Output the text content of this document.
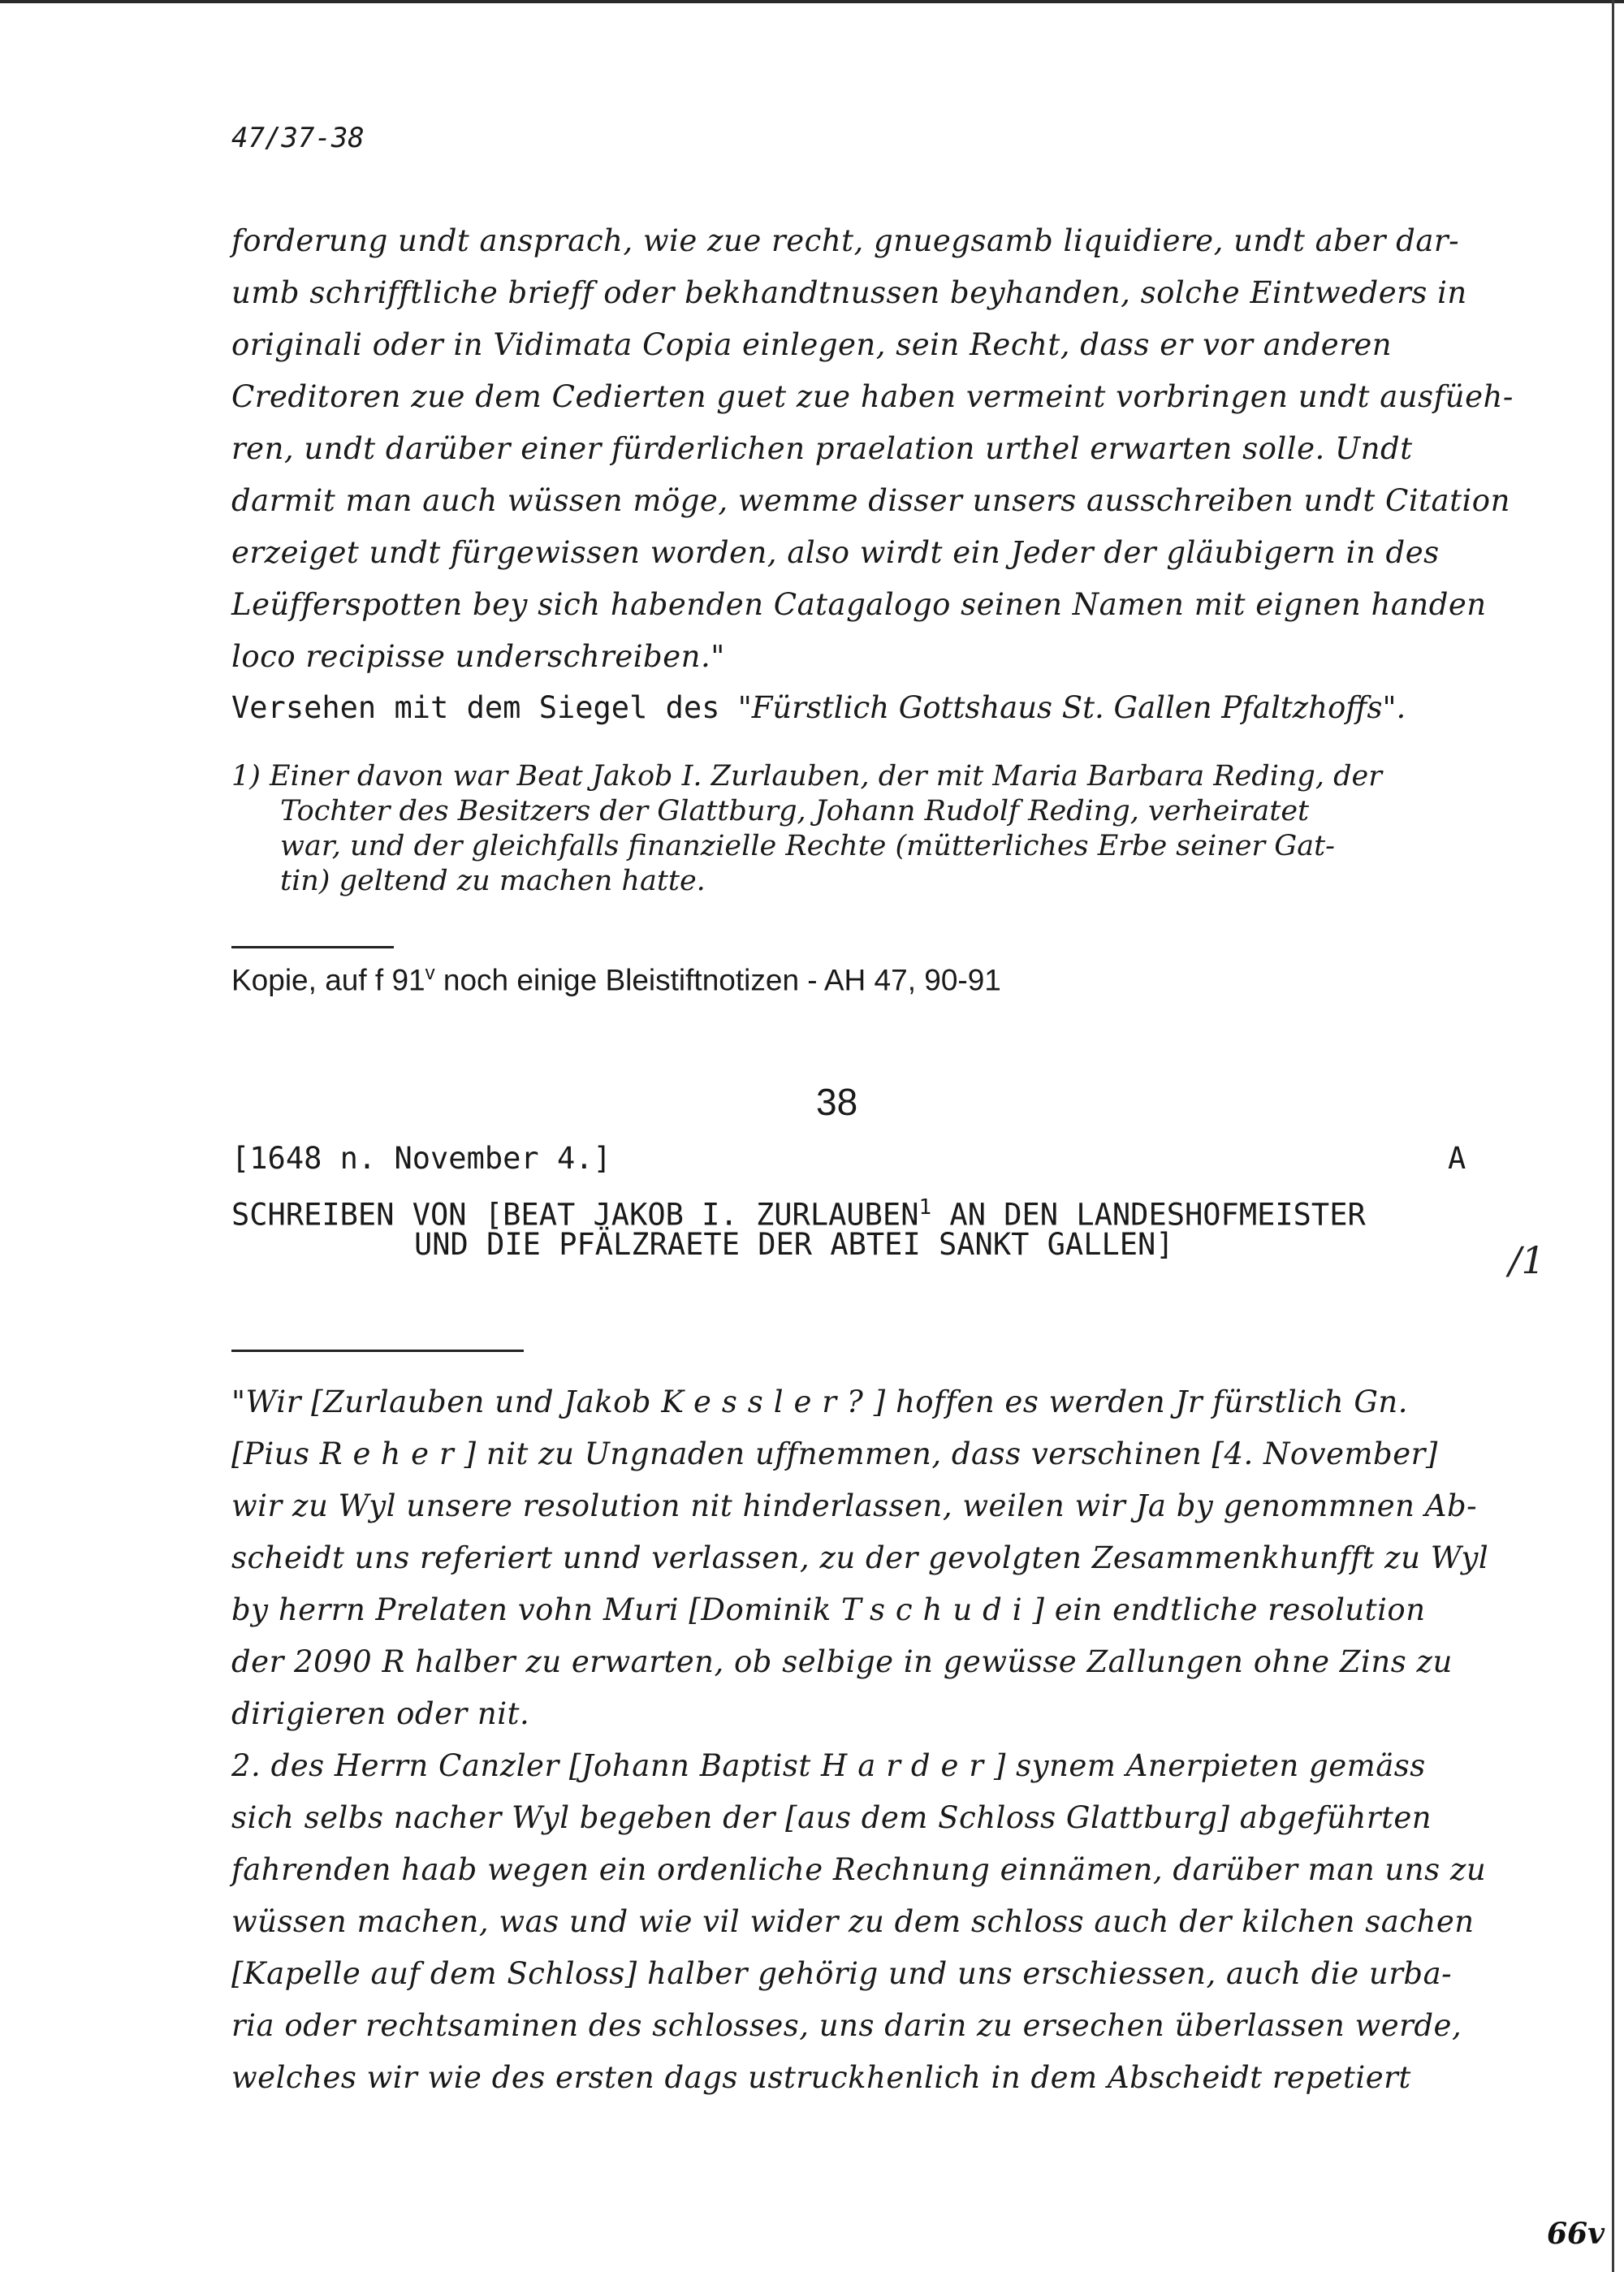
47/37-38
forderung undt ansprach, wie zue recht, gnuegsamb liquidiere, undt aber dar-
umb schrifftliche brieff oder bekhandtnussen beyhanden, solche Eintweders in
originali oder in Vidimata Copia einlegen, sein Recht, dass er vor anderen
Creditoren zue dem Cedierten guet zue haben vermeint vorbringen undt ausfüeh-
ren, undt darüber einer fürderlichen praelation urthel erwarten solle. Undt
darmit man auch wüssen möge, wemme disser unsers ausschreiben undt Citation
erzeiget undt fürgewissen worden, also wirdt ein Jeder der gläubigern in des
Leüfferspotten bey sich habenden Catagalogo seinen Namen mit eignen handen
loco recipisse underschreiben."
Versehen mit dem Siegel des "Fürstlich Gottshaus St. Gallen Pfaltzhoffs".
1) Einer davon war Beat Jakob I. Zurlauben, der mit Maria Barbara Reding, der
Tochter des Besitzers der Glattburg, Johann Rudolf Reding, verheiratet
war, und der gleichfalls finanzielle Rechte (mütterliches Erbe seiner Gat-
tin) geltend zu machen hatte.
Kopie, auf f 91$^v$ noch einige Bleistiftnotizen - AH 47, 90-91
38
[1648 n. November 4.]	A
SCHREIBEN VON [BEAT JAKOB I. ZURLAUBEN$^1$ AN DEN LANDESHOFMEISTER
UND DIE PFÄLZRAETE DER ABTEI SANKT GALLEN]	/1
"Wir [Zurlauben und Jakob Kessler?] hoffen es werden Jr fürstlich Gn.
[Pius Reher] nit zu Ungnaden uffnemmen, dass verschinen [4. November]
wir zu Wyl unsere resolution nit hinderlassen, weilen wir Ja by genommnen Ab-
scheidt uns referiert unnd verlassen, zu der gevolgten Zesammenkhunfft zu Wyl
by herrn Prelaten vohn Muri [Dominik Tschudi] ein endtliche resolution
der 2090 R halber zu erwarten, ob selbige in gewüsse Zallungen ohne Zins zu
dirigieren oder nit.
2. des Herrn Canzler [Johann Baptist Harder] synem Anerpieten gemäss
sich selbs nacher Wyl begeben der [aus dem Schloss Glattburg] abgeführten
fahrenden haab wegen ein ordenliche Rechnung einnämen, darüber man uns zu
wüssen machen, was und wie vil wider zu dem schloss auch der kilchen sachen
[Kapelle auf dem Schloss] halber gehörig und uns erschiessen, auch die urba-
ria oder rechtsaminen des schlosses, uns darin zu ersechen überlassen werde,
welches wir wie des ersten dags ustruckhenlich in dem Abscheidt repetiert
66v
